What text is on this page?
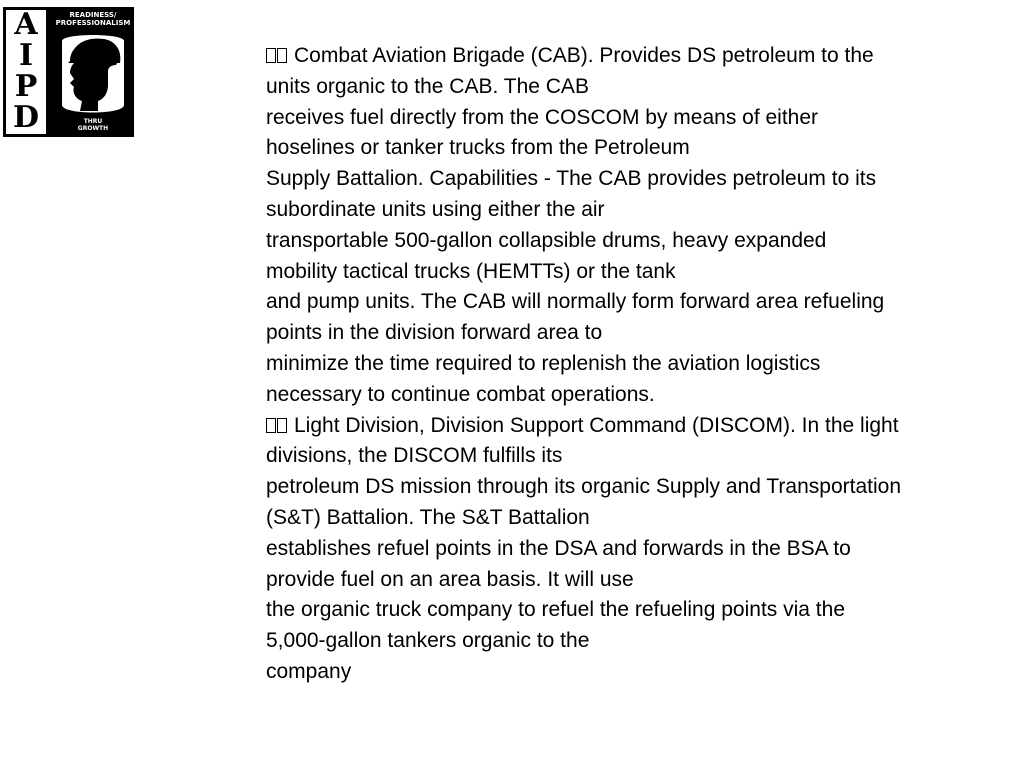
A
I
P
D
READINESS/
PROFESSIONALISM
THRU
GROWTH
Combat Aviation Brigade (CAB). Provides DS petroleum to the
units organic to the CAB. The CAB
receives fuel directly from the COSCOM by means of either
hoselines or tanker trucks from the Petroleum
Supply Battalion. Capabilities - The CAB provides petroleum to its
subordinate units using either the air
transportable 500-gallon collapsible drums, heavy expanded
mobility tactical trucks (HEMTTs) or the tank
and pump units. The CAB will normally form forward area refueling
points in the division forward area to
minimize the time required to replenish the aviation logistics
necessary to continue combat operations.
Light Division, Division Support Command (DISCOM). In the light
divisions, the DISCOM fulfills its
petroleum DS mission through its organic Supply and Transportation
(S&T) Battalion. The S&T Battalion
establishes refuel points in the DSA and forwards in the BSA to
provide fuel on an area basis. It will use
the organic truck company to refuel the refueling points via the
5,000-gallon tankers organic to the
company
